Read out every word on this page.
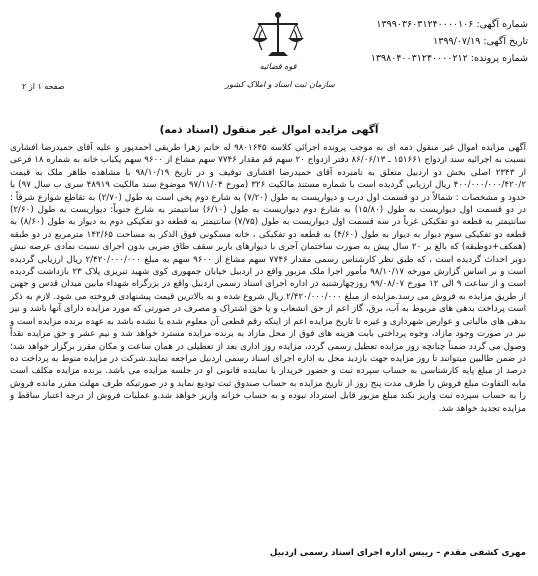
شماره آگهی: ۱۳۹۹۰۳۶۰۳۱۲۴۰۰۰۰۱۰۶
تاریخ آگهی: ۱۳۹۹/۰۷/۱۹
شماره پرونده: ۱۳۹۸۰۴۰۰۳۱۲۴۰۰۰۰۲۱۲
قوه قضائیه
سازمان ثبت اسناد و املاک کشور
صفحه ۱ از ۲
آگهی مزایده اموال غیر منقول (اسناد ذمه)

آگهی مزایده اموال غیر منقول ذمه ای به موجب پرونده اجرائی کلاسه ۹۸۰۱۶۴۵ له خانم زهرا طریقی احمدپور و علیه آقای حمیدرضا افشاری نسبت به اجرائیه سند ازدواج ۱۵۱۶۶۱ ـ ۸۶/۰۶/۱۳ دفتر ازدواج ۲۰ سهم قم مقدار ۷۷۴۶ سهم مشاع از ۹۶۰۰ سهم یکباب خانه به شماره ۱۸ فرعی از ۲۳۴۳ اصلی بخش دو اردبیل متعلق به نامبرده آقای حمیدرضا افشاری توقیف و در تاریخ ۹۸/۱۰/۱۹ با مشاهده ظاهر ملک به قیمت ۴۰۰/۰۰۰/۰۰۰/۴۲۰/۲ ریال ارزیابی گردیده است با شماره مستند مالکیت ۳۲۶ (مورخ ۹۷/۱۱/۰۴ موضوع سند مالکیت ۴۸۹۱۹ سری ب سال ۹۷) با حدود و مشخصات : شمالاً در دو قسمت اول درب و دیواریست به طول (۷/۲۰) به شارع دوم پخی است به طول (۲/۷۰) به تقاطع شوارع شرقاً : در دو قسمت اول دیواریست به طول (۱۵/۸۰) به شارع دوم دیواریست به طول (۶/۱۰) سانتیمتر به شارع جنوباً: دیواریست به طول (۲/۶۰) سانتیمتر به قطعه دو تفکیکی غرباً در سه قسمت اول دیواریست به طول (۷/۷۵) سانتیمتر به قطعه دو تفکیکی دوم به دیوار به طول (۸/۶۰) به قطعه دو تفکیکی سوم دیوار به دیوار به طول (۴/۶۰) به قطعه دو تفکیکی ، خانه مسکونی فوق الذکر به مساحت ۱۴۲/۶۵ مترمربع در دو طبقه (همکف+دوطبقه) که بالغ بر ۲۰ سال پیش به صورت ساختمان آجری با دیوارهای باربر سقف طاق ضربی بدون اجرای نسبت نمادی عرصه نبش دوبر احداث گردیده است ، که طبق نظر کارشناس رسمی مقدار ۷۷۴۶ سهم مشاع از ۹۶۰۰ سهم به مبلغ ۲/۴۲۰/۰۰۰/۰۰۰ ریال ارزیابی گردیده است و بر اساس گزارش مورخه ۹۸/۱۰/۱۷ مأمور اجرا ملک مزبور واقع در اردبیل خیابان جمهوری کوی شهید تبریزی پلاک ۲۳ بازداشت گردیده است و از ساعت ۹ الی ۱۲ مورخ ۹۹/۰۸/۰۷ روزچهارشنبه در اداره اجرای اسناد رسمی اردبیل واقع در بزرگراه شهداء مابین میدان قدس و جهین از طریق مزایده به فروش می رسد.مزایده از مبلغ ۲/۴۲۰/۰۰۰/۰۰۰ ریال شروع شده و به بالاترین قیمت پیشنهادی فروخته می شود. لازم به ذکر است پرداخت بدهی های مربوط به آب، برق، گاز اعم از حق انشعاب و یا حق اشتراک و مصرف در صورتی که مورد مزایده دارای آنها باشد و نیز بدهی های مالیاتی و عوارض شهرداری و غیره تا تاریخ مزایده اعم از اینکه رقم قطعی آن معلوم شده یا نشده باشد به عهده برنده مزایده است و نیز در صورت وجود مازاد، وجوه پرداختی بابت هزینه های فوق از محل مازاد به برنده مزایده مسترد خواهد شد و نیم عشر و حق مزایده نقداً وصول می گردد ضمناً چنانچه روز مزایده تعطیل رسمی گردد، مزایده روز اداری بعد از تعطیلی در همان ساعت و مکان مقرر برگزار خواهد شد؛ در ضمن طالبین میتوانند تا روز مزایده جهت بازدید محل به اداره اجرای اسناد رسمی اردبیل مراجعه نمایند.شرکت در مزایده منوط به پرداخت ده درصد از مبلغ پایه کارشناسی به حساب سپرده ثبت و حضور خریدار یا نماینده قانونی او در جلسه مزایده می باشد. برنده مزایده مکلف است مابه التفاوت مبلغ فروش را ظرف مدت پنج روز از تاریخ مزایده به حساب صندوق ثبت تودیع نماید و در صورتیکه ظرف مهلت مقرر مانده فروش را به حساب سپرده ثبت واریز نکند مبلغ مزبور قابل استرداد نبوده و به حساب خزانه واریز خواهد شد.و عملیات فروش از درجه اعتبار ساقط و مزایده تجدید خواهد شد.

مهری کشفی مقدم – رییس اداره اجرای اسناد رسمی اردبیل
